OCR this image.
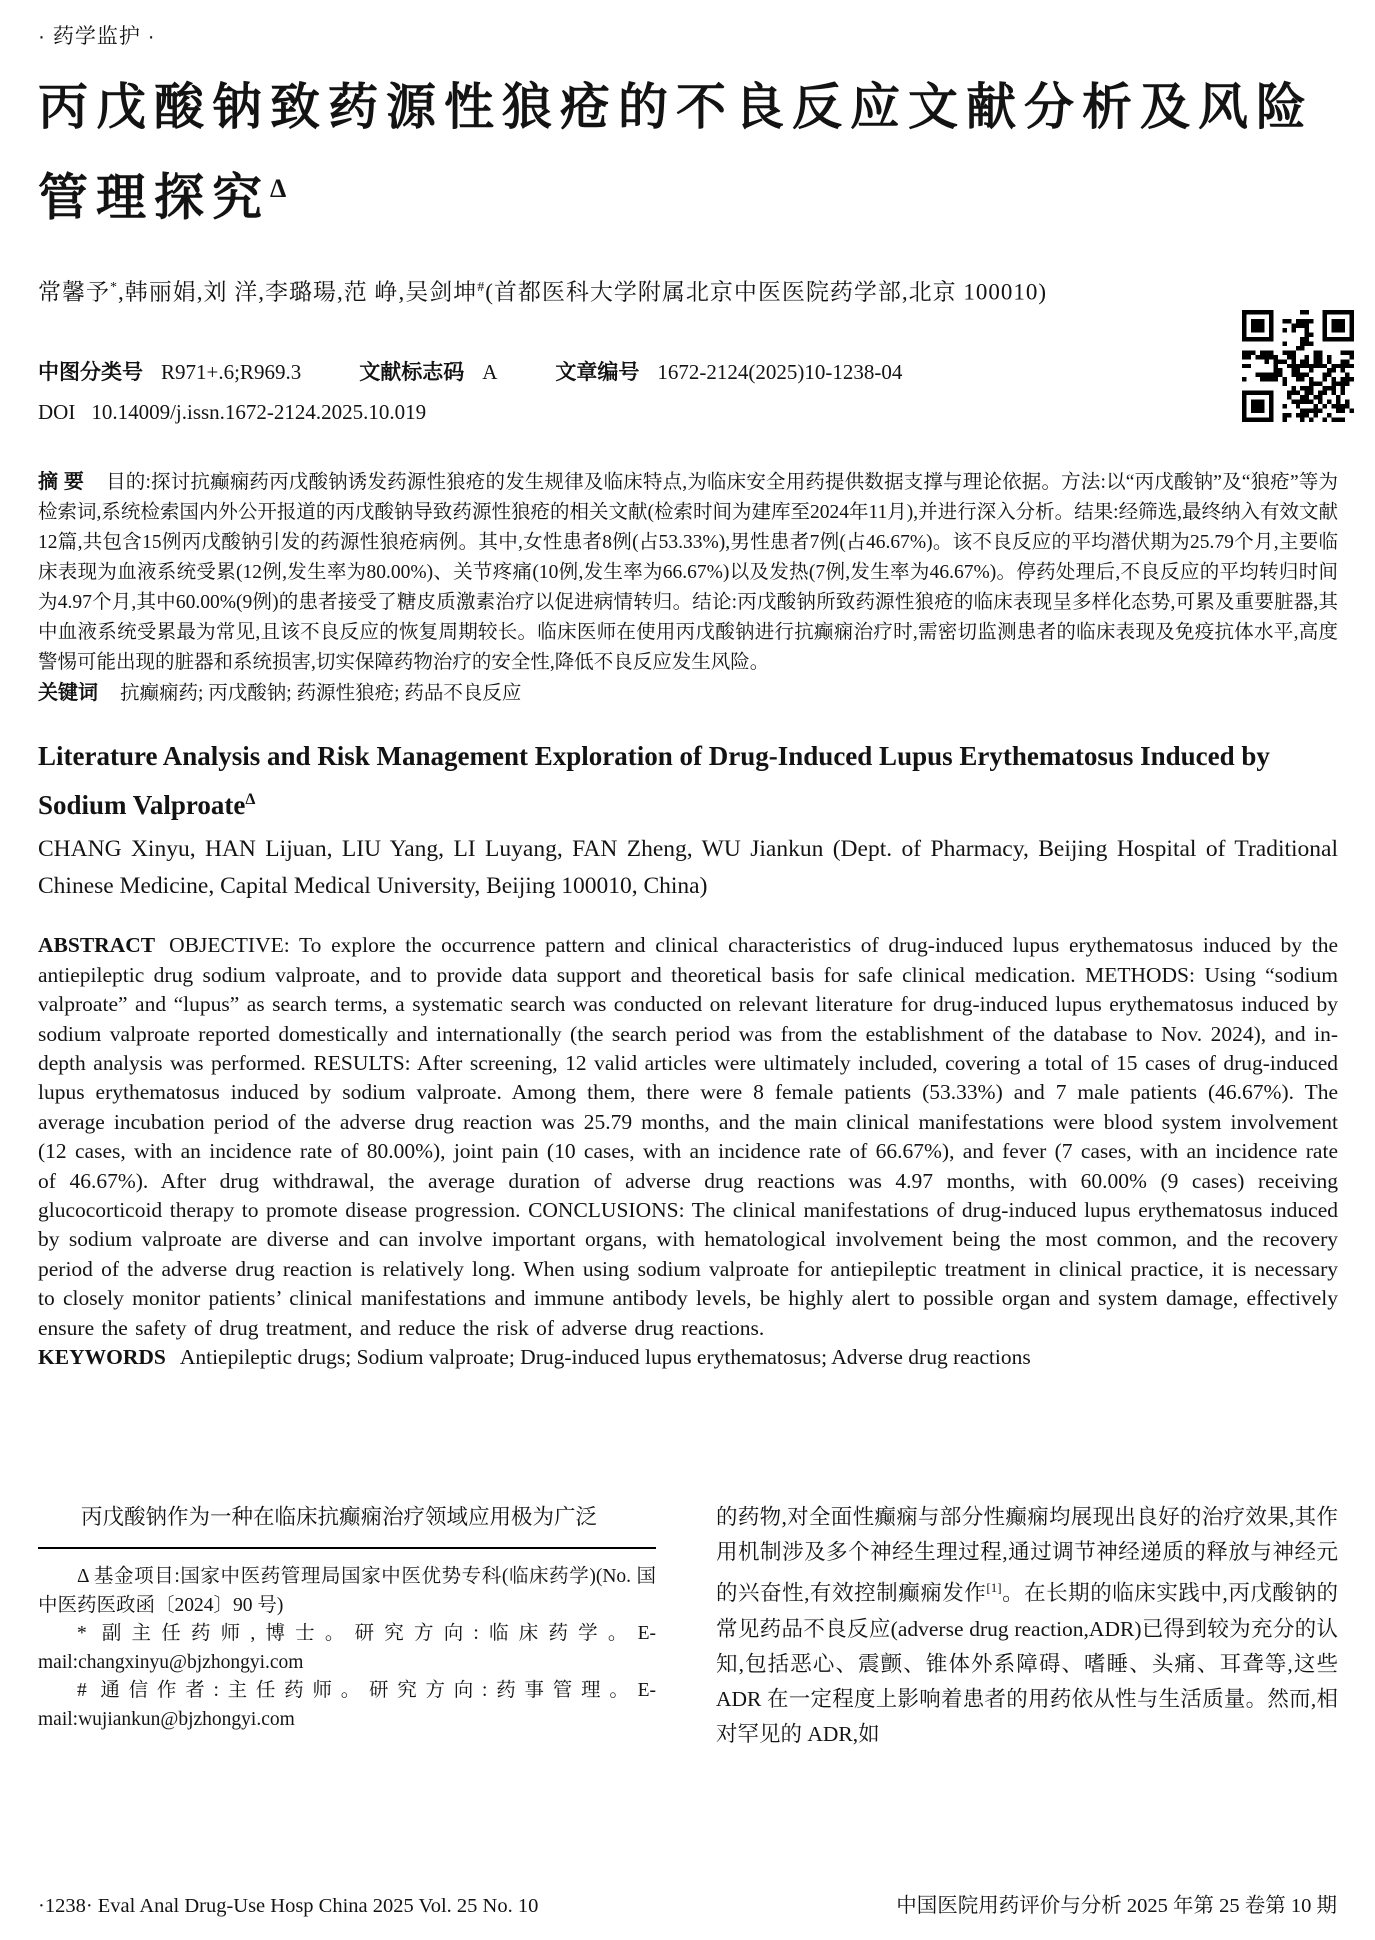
· 药学监护 ·
丙戊酸钠致药源性狼疮的不良反应文献分析及风险管理探究$^\Delta$
常馨予*,韩丽娟,刘 洋,李璐瑒,范 峥,吴剑坤#(首都医科大学附属北京中医医院药学部,北京 100010)
中图分类号 R971+.6;R969.3	文献标志码 A	文章编号 1672-2124(2025)10-1238-04
DOI 10.14009/j.issn.1672-2124.2025.10.019

摘 要 目的:探讨抗癫痫药丙戊酸钠诱发药源性狼疮的发生规律及临床特点,为临床安全用药提供数据支撑与理论依据。方法:以“丙戊酸钠”及“狼疮”等为检索词,系统检索国内外公开报道的丙戊酸钠导致药源性狼疮的相关文献(检索时间为建库至2024年11月),并进行深入分析。结果:经筛选,最终纳入有效文献12篇,共包含15例丙戊酸钠引发的药源性狼疮病例。其中,女性患者8例(占53.33%),男性患者7例(占46.67%)。该不良反应的平均潜伏期为25.79个月,主要临床表现为血液系统受累(12例,发生率为80.00%)、关节疼痛(10例,发生率为66.67%)以及发热(7例,发生率为46.67%)。停药处理后,不良反应的平均转归时间为4.97个月,其中60.00%(9例)的患者接受了糖皮质激素治疗以促进病情转归。结论:丙戊酸钠所致药源性狼疮的临床表现呈多样化态势,可累及重要脏器,其中血液系统受累最为常见,且该不良反应的恢复周期较长。临床医师在使用丙戊酸钠进行抗癫痫治疗时,需密切监测患者的临床表现及免疫抗体水平,高度警惕可能出现的脏器和系统损害,切实保障药物治疗的安全性,降低不良反应发生风险。

关键词 抗癫痫药; 丙戊酸钠; 药源性狼疮; 药品不良反应

Literature Analysis and Risk Management Exploration of Drug-Induced Lupus Erythematosus Induced by Sodium Valproate$^\Delta$
CHANG Xinyu, HAN Lijuan, LIU Yang, LI Luyang, FAN Zheng, WU Jiankun (Dept. of Pharmacy, Beijing Hospital of Traditional Chinese Medicine, Capital Medical University, Beijing 100010, China)

ABSTRACT OBJECTIVE: To explore the occurrence pattern and clinical characteristics of drug-induced lupus erythematosus induced by the antiepileptic drug sodium valproate, and to provide data support and theoretical basis for safe clinical medication. METHODS: Using “sodium valproate” and “lupus” as search terms, a systematic search was conducted on relevant literature for drug-induced lupus erythematosus induced by sodium valproate reported domestically and internationally (the search period was from the establishment of the database to Nov. 2024), and in-depth analysis was performed. RESULTS: After screening, 12 valid articles were ultimately included, covering a total of 15 cases of drug-induced lupus erythematosus induced by sodium valproate. Among them, there were 8 female patients (53.33%) and 7 male patients (46.67%). The average incubation period of the adverse drug reaction was 25.79 months, and the main clinical manifestations were blood system involvement (12 cases, with an incidence rate of 80.00%), joint pain (10 cases, with an incidence rate of 66.67%), and fever (7 cases, with an incidence rate of 46.67%). After drug withdrawal, the average duration of adverse drug reactions was 4.97 months, with 60.00% (9 cases) receiving glucocorticoid therapy to promote disease progression. CONCLUSIONS: The clinical manifestations of drug-induced lupus erythematosus induced by sodium valproate are diverse and can involve important organs, with hematological involvement being the most common, and the recovery period of the adverse drug reaction is relatively long. When using sodium valproate for antiepileptic treatment in clinical practice, it is necessary to closely monitor patients’ clinical manifestations and immune antibody levels, be highly alert to possible organ and system damage, effectively ensure the safety of drug treatment, and reduce the risk of adverse drug reactions.

KEYWORDS Antiepileptic drugs; Sodium valproate; Drug-induced lupus erythematosus; Adverse drug reactions

丙戊酸钠作为一种在临床抗癫痫治疗领域应用极为广泛

Δ 基金项目:国家中医药管理局国家中医优势专科(临床药学)(No. 国中医药医政函〔2024〕90 号)

* 副主任药师,博士。研究方向:临床药学。E-mail:changxinyu@bjzhongyi.com

# 通信作者:主任药师。研究方向:药事管理。E-mail:wujiankun@bjzhongyi.com

的药物,对全面性癫痫与部分性癫痫均展现出良好的治疗效果,其作用机制涉及多个神经生理过程,通过调节神经递质的释放与神经元的兴奋性,有效控制癫痫发作[1]。在长期的临床实践中,丙戊酸钠的常见药品不良反应(adverse drug reaction,ADR)已得到较为充分的认知,包括恶心、震颤、锥体外系障碍、嗜睡、头痛、耳聋等,这些 ADR 在一定程度上影响着患者的用药依从性与生活质量。然而,相对罕见的 ADR,如

·1238· Eval Anal Drug-Use Hosp China 2025 Vol. 25 No. 10	中国医院用药评价与分析 2025 年第 25 卷第 10 期
